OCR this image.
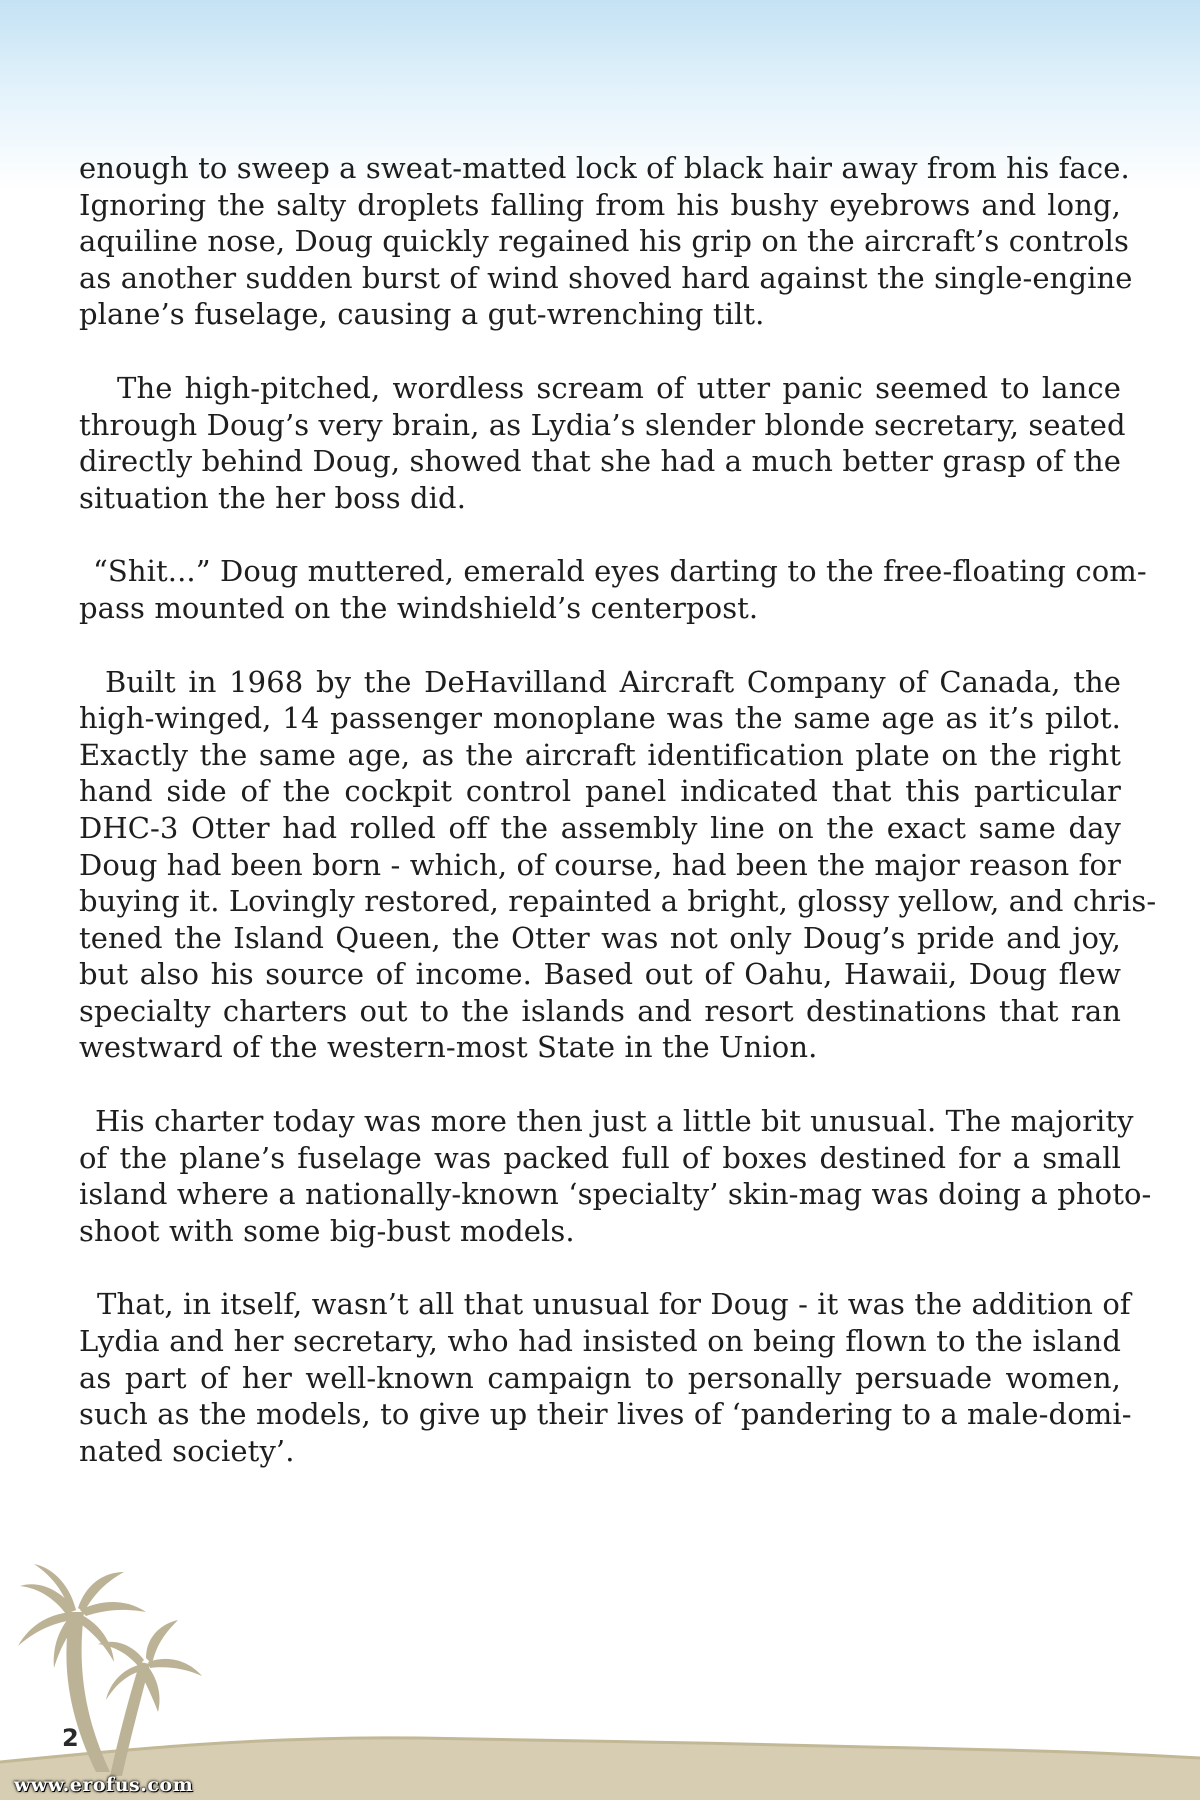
enough to sweep a sweat-matted lock of black hair away from his face.
Ignoring the salty droplets falling from his bushy eyebrows and long,
aquiline nose, Doug quickly regained his grip on the aircraft’s controls
as another sudden burst of wind shoved hard against the single-engine
plane’s fuselage, causing a gut-wrenching tilt.

The high-pitched, wordless scream of utter panic seemed to lance
through Doug’s very brain, as Lydia’s slender blonde secretary, seated
directly behind Doug, showed that she had a much better grasp of the
situation the her boss did.

“Shit...” Doug muttered, emerald eyes darting to the free-floating com-
pass mounted on the windshield’s centerpost.

Built in 1968 by the DeHavilland Aircraft Company of Canada, the
high-winged, 14 passenger monoplane was the same age as it’s pilot.
Exactly the same age, as the aircraft identification plate on the right
hand side of the cockpit control panel indicated that this particular
DHC-3 Otter had rolled off the assembly line on the exact same day
Doug had been born - which, of course, had been the major reason for
buying it. Lovingly restored, repainted a bright, glossy yellow, and chris-
tened the Island Queen, the Otter was not only Doug’s pride and joy,
but also his source of income. Based out of Oahu, Hawaii, Doug flew
specialty charters out to the islands and resort destinations that ran
westward of the western-most State in the Union.

His charter today was more then just a little bit unusual. The majority
of the plane’s fuselage was packed full of boxes destined for a small
island where a nationally-known ‘specialty’ skin-mag was doing a photo-
shoot with some big-bust models.

That, in itself, wasn’t all that unusual for Doug - it was the addition of
Lydia and her secretary, who had insisted on being flown to the island
as part of her well-known campaign to personally persuade women,
such as the models, to give up their lives of ‘pandering to a male-domi-
nated society’.

2
www.erofus.com
